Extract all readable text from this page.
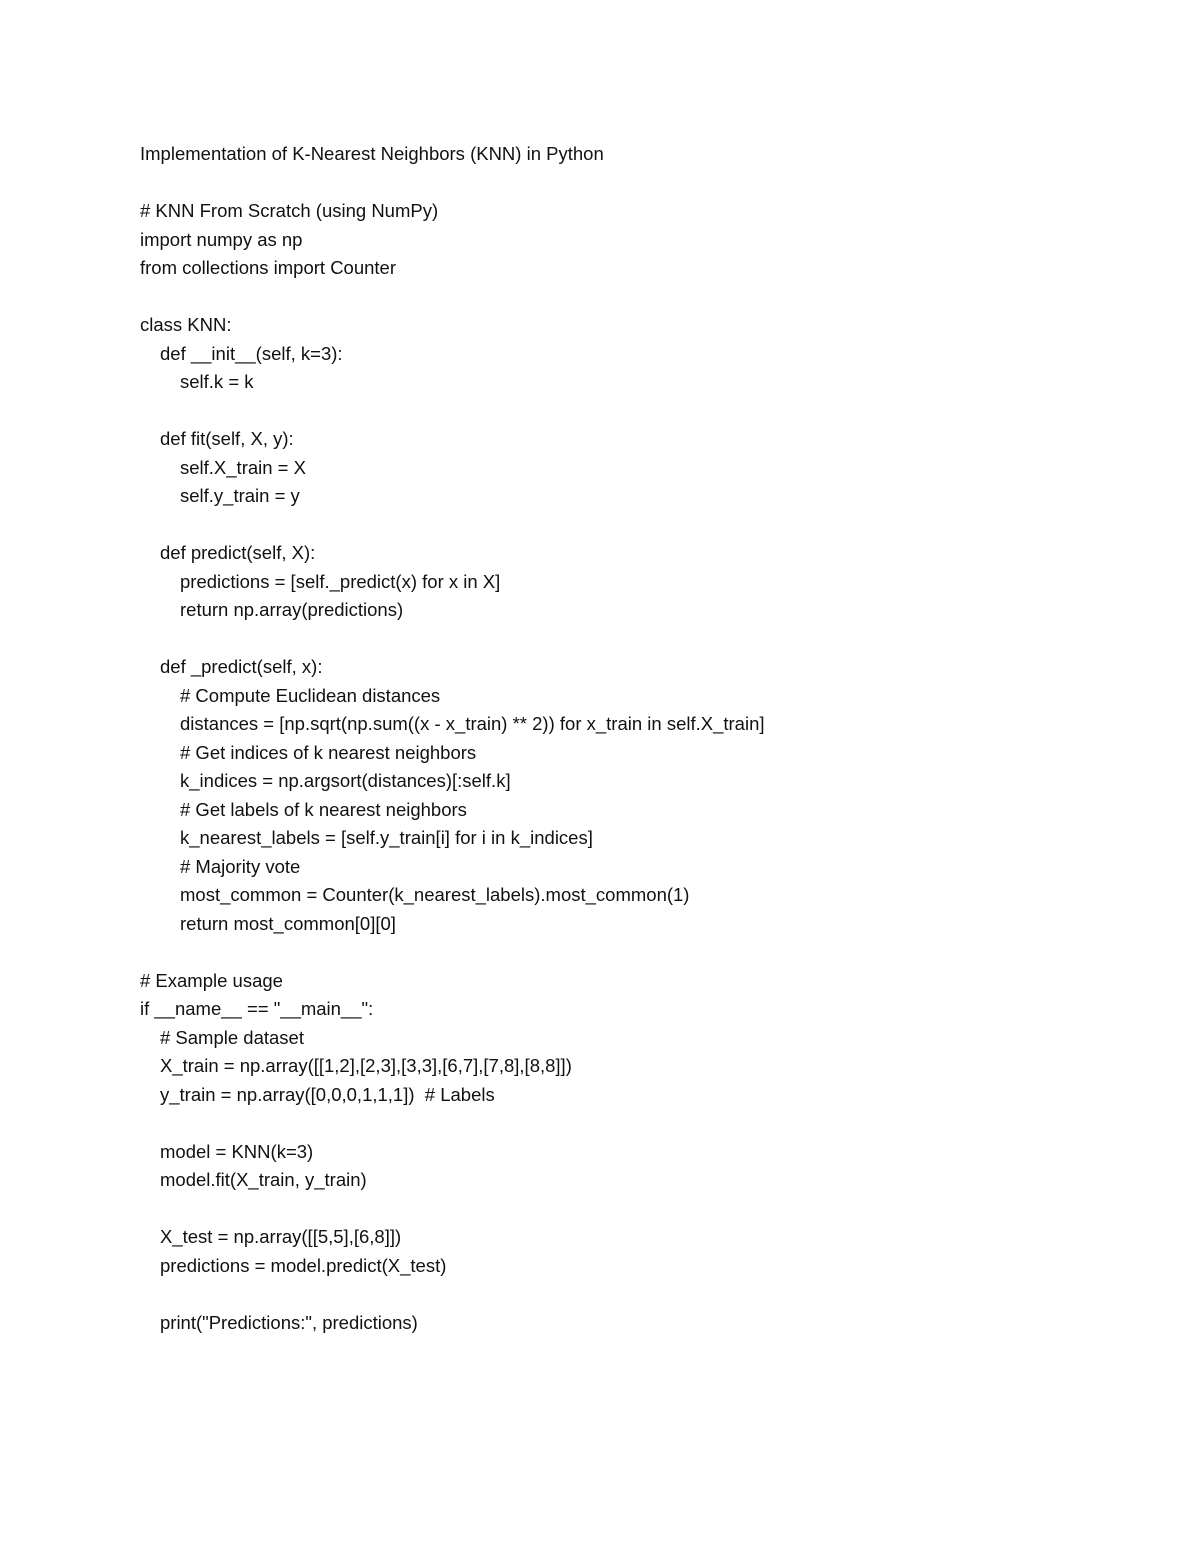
Implementation of K-Nearest Neighbors (KNN) in Python
# KNN From Scratch (using NumPy)
import numpy as np
from collections import Counter
class KNN:
def __init__(self, k=3):
self.k = k
def fit(self, X, y):
self.X_train = X
self.y_train = y
def predict(self, X):
predictions = [self._predict(x) for x in X]
return np.array(predictions)
def _predict(self, x):
# Compute Euclidean distances
distances = [np.sqrt(np.sum((x - x_train) ** 2)) for x_train in self.X_train]
# Get indices of k nearest neighbors
k_indices = np.argsort(distances)[:self.k]
# Get labels of k nearest neighbors
k_nearest_labels = [self.y_train[i] for i in k_indices]
# Majority vote
most_common = Counter(k_nearest_labels).most_common(1)
return most_common[0][0]
# Example usage
if __name__ == "__main__":
# Sample dataset
X_train = np.array([[1,2],[2,3],[3,3],[6,7],[7,8],[8,8]])
y_train = np.array([0,0,0,1,1,1])  # Labels
model = KNN(k=3)
model.fit(X_train, y_train)
X_test = np.array([[5,5],[6,8]])
predictions = model.predict(X_test)
print("Predictions:", predictions)
